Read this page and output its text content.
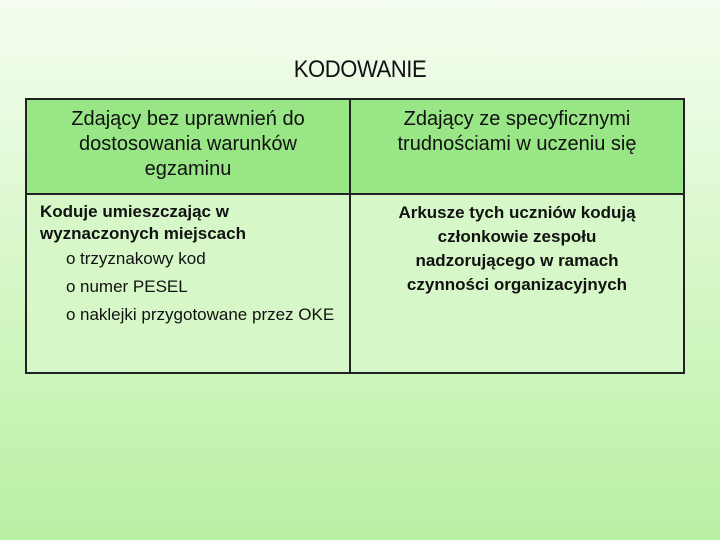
KODOWANIE
Zdający bez uprawnień do
dostosowania warunków
egzaminu
Zdający ze specyficznymi
trudnościami w uczeniu się
Koduje umieszczając w
wyznaczonych miejscach
o trzyznakowy kod
o numer PESEL
o naklejki przygotowane przez OKE
Arkusze tych uczniów kodują
członkowie zespołu
nadzorującego w ramach
czynności organizacyjnych
